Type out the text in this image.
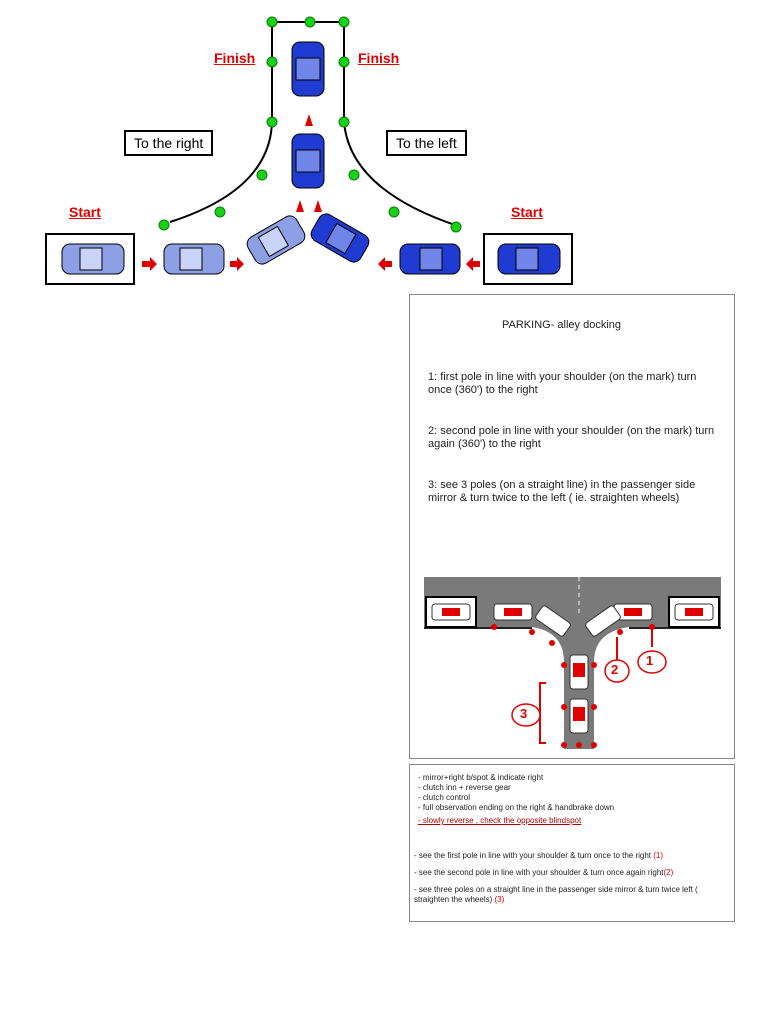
Finish	Finish
To the right	To the left
Start	Start
PARKING- alley docking
1: first pole in line with your shoulder (on the mark) turn once (360') to the right
2: second pole in line with your shoulder (on the mark) turn again (360') to the right
3: see 3 poles (on a straight line) in the passenger side mirror & turn twice to the left ( ie. straighten wheels)
1
2
3
- mirror+right b/spot & indicate right
- clutch inn + reverse gear
- clutch control
- full observation ending on the right & handbrake down
- slowly reverse , check the opposite blindspot
- see the first pole in line with your shoulder & turn once to the right (1)
- see the second pole in line with your shoulder & turn once again right(2)
- see three poles on a straight line in the passenger side mirror & turn twice left ( straighten the wheels) (3)
